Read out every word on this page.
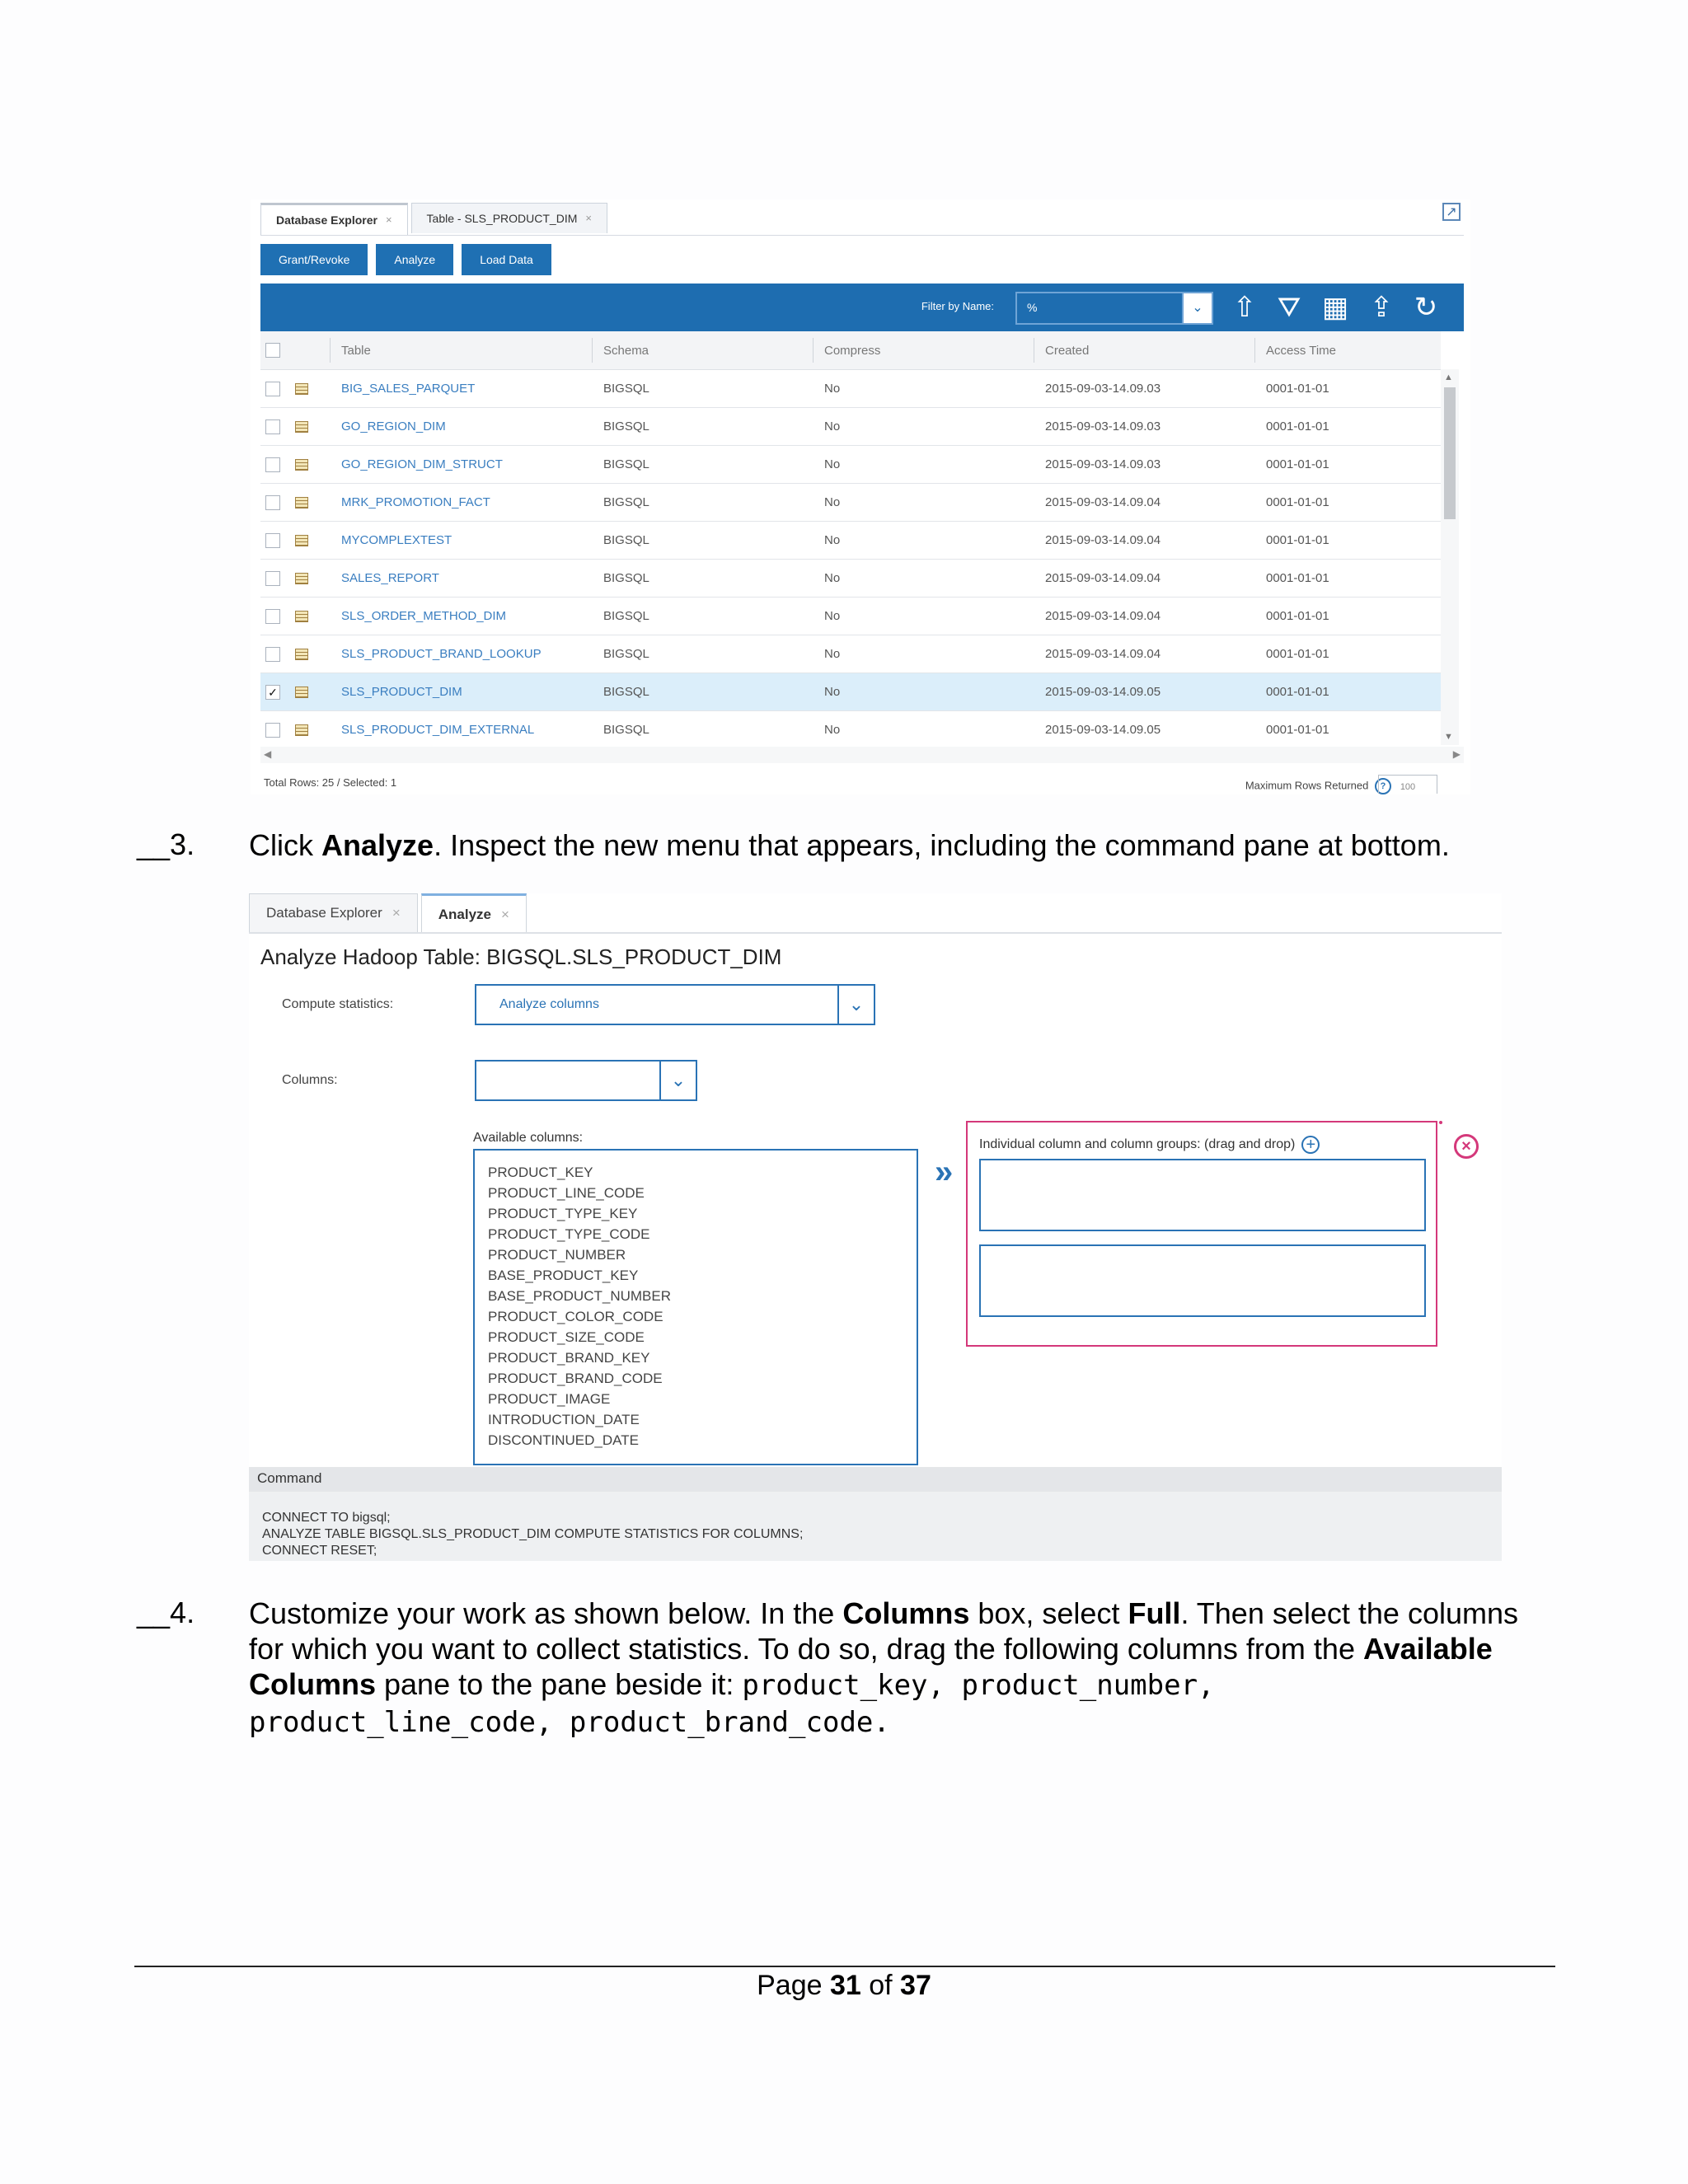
Database Explorer ×	Table - SLS_PRODUCT_DIM ×	↗
Grant/Revoke	Analyze	Load Data
Filter by Name:	%	⌄	⇧ ⛛ ▦ ⇪ ↻
Table	Schema	Compress	Created	Access Time
BIG_SALES_PARQUET	BIGSQL	No	2015-09-03-14.09.03	0001-01-01
GO_REGION_DIM	BIGSQL	No	2015-09-03-14.09.03	0001-01-01
GO_REGION_DIM_STRUCT	BIGSQL	No	2015-09-03-14.09.03	0001-01-01
MRK_PROMOTION_FACT	BIGSQL	No	2015-09-03-14.09.04	0001-01-01
MYCOMPLEXTEST	BIGSQL	No	2015-09-03-14.09.04	0001-01-01
SALES_REPORT	BIGSQL	No	2015-09-03-14.09.04	0001-01-01
SLS_ORDER_METHOD_DIM	BIGSQL	No	2015-09-03-14.09.04	0001-01-01
SLS_PRODUCT_BRAND_LOOKUP	BIGSQL	No	2015-09-03-14.09.04	0001-01-01
✓	SLS_PRODUCT_DIM	BIGSQL	No	2015-09-03-14.09.05	0001-01-01
SLS_PRODUCT_DIM_EXTERNAL	BIGSQL	No	2015-09-03-14.09.05	0001-01-01
▲
▼
◀	▶
Total Rows: 25 / Selected: 1	Maximum Rows Returned ?	100
__3. Click Analyze. Inspect the new menu that appears, including the command pane at bottom.
Database Explorer ×	Analyze ×
Analyze Hadoop Table: BIGSQL.SLS_PRODUCT_DIM
Compute statistics:	Analyze columns	⌄
Columns:	⌄
Available columns:
PRODUCT_KEY
PRODUCT_LINE_CODE
PRODUCT_TYPE_KEY
PRODUCT_TYPE_CODE
PRODUCT_NUMBER
BASE_PRODUCT_KEY
BASE_PRODUCT_NUMBER
PRODUCT_COLOR_CODE
PRODUCT_SIZE_CODE
PRODUCT_BRAND_KEY
PRODUCT_BRAND_CODE
PRODUCT_IMAGE
INTRODUCTION_DATE
DISCONTINUED_DATE
»
Individual column and column groups: (drag and drop) +	×
Command
CONNECT TO bigsql;
ANALYZE TABLE BIGSQL.SLS_PRODUCT_DIM COMPUTE STATISTICS FOR COLUMNS;
CONNECT RESET;
__4. Customize your work as shown below. In the Columns box, select Full. Then select the columns for which you want to collect statistics. To do so, drag the following columns from the Available Columns pane to the pane beside it: product_key, product_number,
product_line_code, product_brand_code.
Page 31 of 37
